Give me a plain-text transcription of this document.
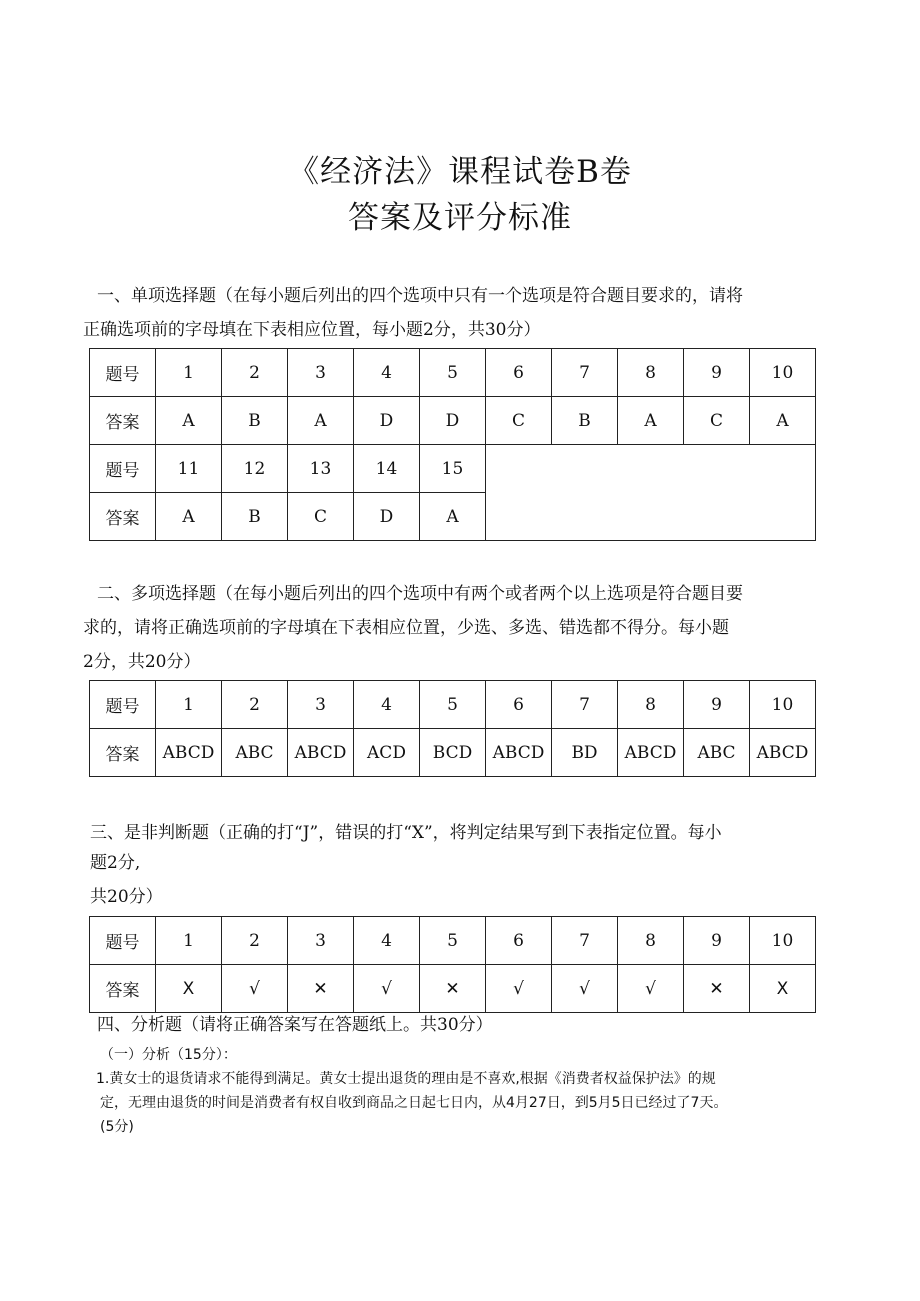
《经济法》课程试卷B卷
答案及评分标准

一、单项选择题（在每小题后列出的四个选项中只有一个选项是符合题目要求的，请将
正确选项前的字母填在下表相应位置，每小题2分，共30分）

题号	1	2	3	4	5	6	7	8	9	10
答案	A	B	A	D	D	C	B	A	C	A
题号	11	12	13	14	15					
答案	A	B	C	D	A					

二、多项选择题（在每小题后列出的四个选项中有两个或者两个以上选项是符合题目要
求的，请将正确选项前的字母填在下表相应位置，少选、多选、错选都不得分。每小题
2分，共20分）

题号	1	2	3	4	5	6	7	8	9	10
答案	ABCD	ABC	ABCD	ACD	BCD	ABCD	BD	ABCD	ABC	ABCD

三、是非判断题（正确的打“J”，错误的打“X”，将判定结果写到下表指定位置。每小
题2分,

共20分）

题号	1	2	3	4	5	6	7	8	9	10
答案	X	√	✕	√	✕	√	√	√	✕	X

四、分析题（请将正确答案写在答题纸上。共30分）

（一）分析（15分）：

1.黄女士的退货请求不能得到满足。黄女士提出退货的理由是不喜欢,根据《消费者权益保护法》的规
定，无理由退货的时间是消费者有权自收到商品之日起七日内，从4月27日，到5月5日已经过了7天。
(5分)
